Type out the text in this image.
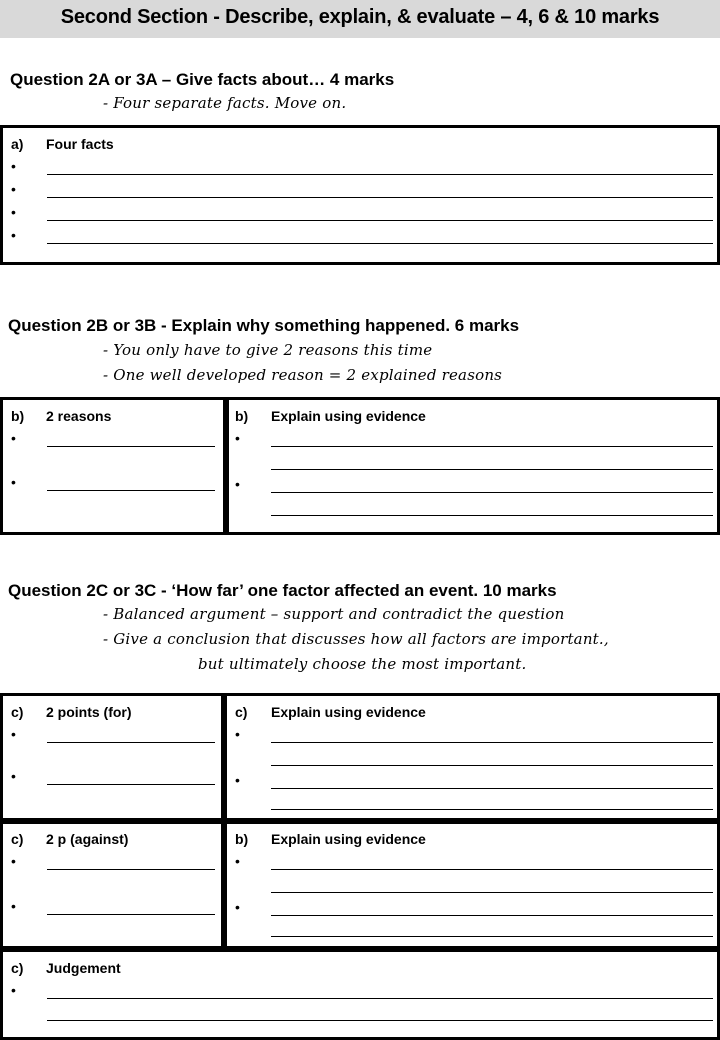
Second Section - Describe, explain, & evaluate – 4, 6 & 10 marks
Question 2A or 3A – Give facts about… 4 marks
- Four separate facts. Move on.
a) Four facts
•
•
•
•
Question 2B or 3B - Explain why something happened. 6 marks
- You only have to give 2 reasons this time
- One well developed reason = 2 explained reasons
b) 2 reasons
•
•
b) Explain using evidence
•
•
Question 2C or 3C - ‘How far’ one factor affected an event. 10 marks
- Balanced argument – support and contradict the question
- Give a conclusion that discusses how all factors are important.,
but ultimately choose the most important.
c) 2 points (for)
•
•
c) Explain using evidence
•
•
c) 2 p (against)
•
•
b) Explain using evidence
•
•
c) Judgement
•
